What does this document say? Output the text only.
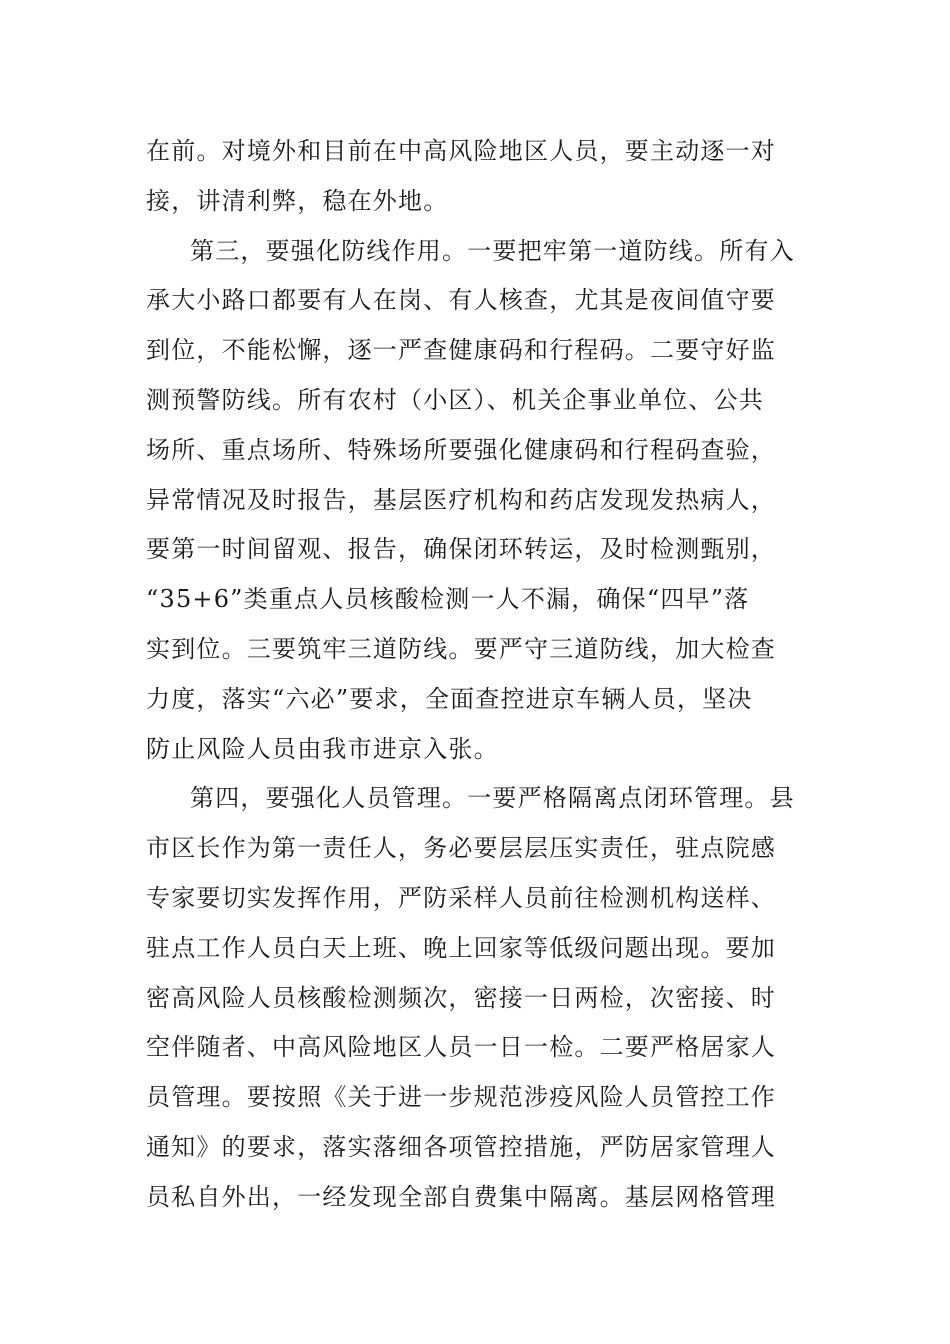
在前。对境外和目前在中高风险地区人员，要主动逐一对
接，讲清利弊，稳在外地。
第三，要强化防线作用。一要把牢第一道防线。所有入
承大小路口都要有人在岗、有人核查，尤其是夜间值守要
到位，不能松懈，逐一严查健康码和行程码。二要守好监
测预警防线。所有农村（小区）、机关企事业单位、公共
场所、重点场所、特殊场所要强化健康码和行程码查验，
异常情况及时报告，基层医疗机构和药店发现发热病人，
要第一时间留观、报告，确保闭环转运，及时检测甄别，
“35+6”类重点人员核酸检测一人不漏，确保“四早”落
实到位。三要筑牢三道防线。要严守三道防线，加大检查
力度，落实“六必”要求，全面查控进京车辆人员，坚决
防止风险人员由我市进京入张。
第四，要强化人员管理。一要严格隔离点闭环管理。县
市区长作为第一责任人，务必要层层压实责任，驻点院感
专家要切实发挥作用，严防采样人员前往检测机构送样、
驻点工作人员白天上班、晚上回家等低级问题出现。要加
密高风险人员核酸检测频次，密接一日两检，次密接、时
空伴随者、中高风险地区人员一日一检。二要严格居家人
员管理。要按照《关于进一步规范涉疫风险人员管控工作
通知》的要求，落实落细各项管控措施，严防居家管理人
员私自外出，一经发现全部自费集中隔离。基层网格管理
